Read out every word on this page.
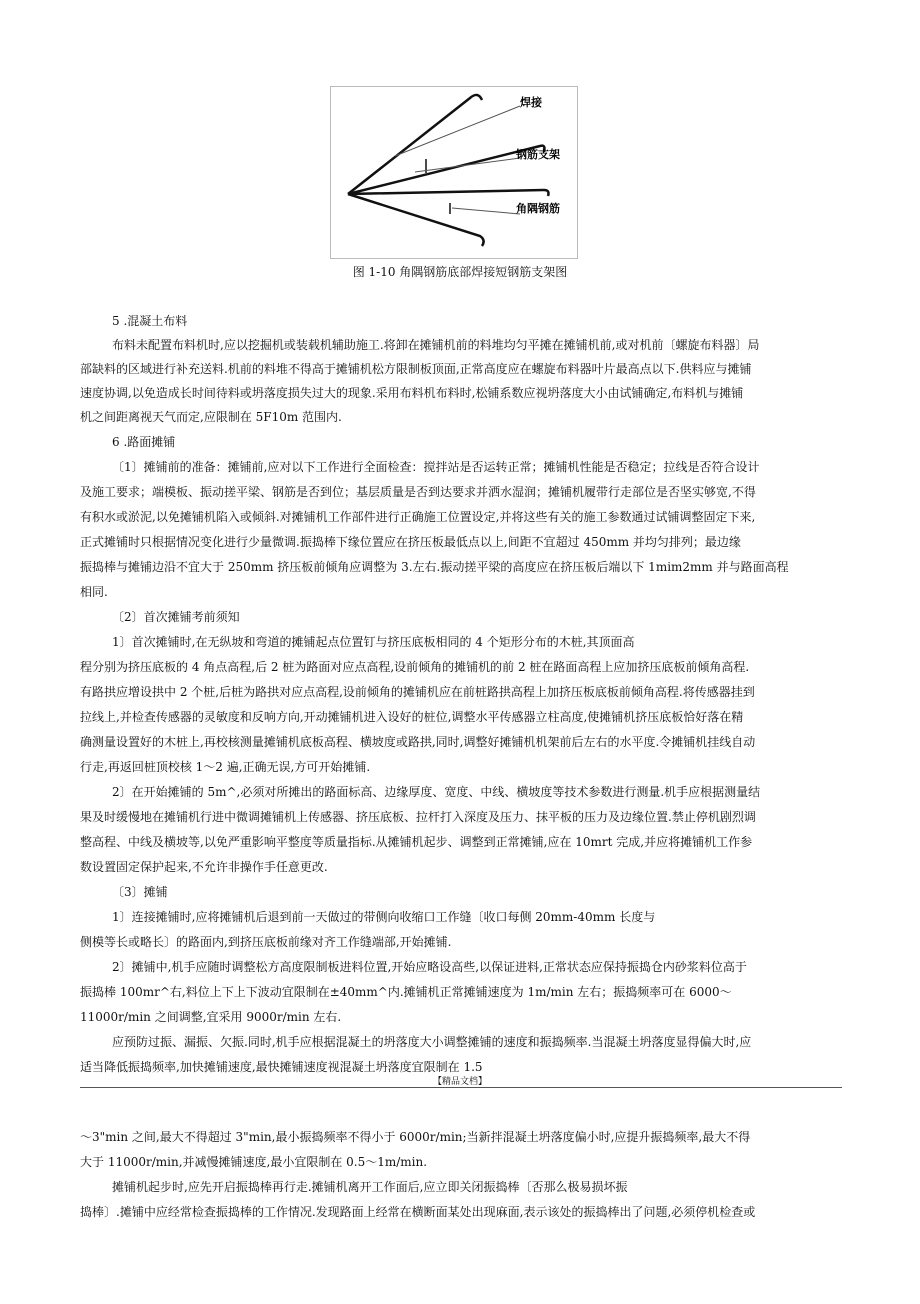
焊接
钢筋支架
角隅钢筋
图 1-10 角隅钢筋底部焊接短钢筋支架图
5 .混凝土布料
布料未配置布料机时,应以挖掘机或装载机辅助施工.将卸在摊铺机前的料堆均匀平摊在摊铺机前,或对机前〔螺旋布料器〕局
部缺料的区域进行补充送料.机前的料堆不得高于摊铺机松方限制板顶面,正常高度应在螺旋布料器叶片最高点以下.供料应与摊铺
速度协调,以免造成长时间待料或坍落度损失过大的现象.采用布料机布料时,松铺系数应视坍落度大小由试铺确定,布料机与摊铺
机之间距离视天气而定,应限制在 5F10m 范围内.
6 .路面摊铺
〔1〕摊铺前的准备：摊铺前,应对以下工作进行全面检查：搅拌站是否运转正常；摊铺机性能是否稳定；拉线是否符合设计
及施工要求；端模板、振动搓平梁、钢筋是否到位；基层质量是否到达要求并洒水湿润；摊铺机履带行走部位是否坚实够宽,不得
有积水或淤泥,以免摊铺机陷入或倾斜.对摊铺机工作部件进行正确施工位置设定,并将这些有关的施工参数通过试铺调整固定下来,
正式摊铺时只根据情况变化进行少量微调.振捣棒下缘位置应在挤压板最低点以上,间距不宜超过 450mm 并均匀排列；最边缘
振捣棒与摊铺边沿不宜大于 250mm 挤压板前倾角应调整为 3.左右.振动搓平梁的高度应在挤压板后端以下 1mim2mm 并与路面高程
相同.
〔2〕首次摊铺考前须知
1〕首次摊铺时,在无纵坡和弯道的摊铺起点位置钉与挤压底板相同的 4 个矩形分布的木桩,其顶面高
程分别为挤压底板的 4 角点高程,后 2 桩为路面对应点高程,设前倾角的摊铺机的前 2 桩在路面高程上应加挤压底板前倾角高程.
有路拱应增设拱中 2 个桩,后桩为路拱对应点高程,设前倾角的摊铺机应在前桩路拱高程上加挤压板底板前倾角高程.将传感器挂到
拉线上,并检查传感器的灵敏度和反响方向,开动摊铺机进入设好的桩位,调整水平传感器立柱高度,使摊铺机挤压底板恰好落在精
确测量设置好的木桩上,再校核测量摊铺机底板高程、横坡度或路拱,同时,调整好摊铺机机架前后左右的水平度.令摊铺机挂线自动
行走,再返回桩顶校核 1～2 遍,正确无误,方可开始摊铺.
2〕在开始摊铺的 5m^,必须对所摊出的路面标高、边缘厚度、宽度、中线、横坡度等技术参数进行测量.机手应根据测量结
果及时缓慢地在摊铺机行进中微调摊铺机上传感器、挤压底板、拉杆打入深度及压力、抹平板的压力及边缘位置.禁止停机剧烈调
整高程、中线及横坡等,以免严重影响平整度等质量指标.从摊铺机起步、调整到正常摊铺,应在 10mrt 完成,并应将摊铺机工作参
数设置固定保护起来,不允许非操作手任意更改.
〔3〕摊铺
1〕连接摊铺时,应将摊铺机后退到前一天做过的带侧向收缩口工作缝〔收口每侧 20mm-40mm 长度与
侧模等长或略长〕的路面内,到挤压底板前缘对齐工作缝端部,开始摊铺.
2〕摊铺中,机手应随时调整松方高度限制板进料位置,开始应略设高些,以保证进料,正常状态应保持振捣仓内砂浆料位高于
振捣棒 100mr^右,料位上下上下波动宜限制在±40mm^内.摊铺机正常摊铺速度为 1m/min 左右；振捣频率可在 6000～
11000r/min 之间调整,宜采用 9000r/min 左右.
应预防过振、漏振、欠振.同时,机手应根据混凝土的坍落度大小调整摊铺的速度和振捣频率.当混凝土坍落度显得偏大时,应
适当降低振捣频率,加快摊铺速度,最快摊铺速度视混凝土坍落度宜限制在 1.5
【精品文档】
～3"min 之间,最大不得超过 3"min,最小振捣频率不得小于 6000r/min;当新拌混凝土坍落度偏小时,应提升振捣频率,最大不得
大于 11000r/min,并减慢摊铺速度,最小宜限制在 0.5～1m/min.
摊铺机起步时,应先开启振捣棒再行走.摊铺机离开工作面后,应立即关闭振捣棒〔否那么极易损坏振
捣棒〕.摊铺中应经常检查振捣棒的工作情况.发现路面上经常在横断面某处出现麻面,表示该处的振捣棒出了问题,必须停机检查或
